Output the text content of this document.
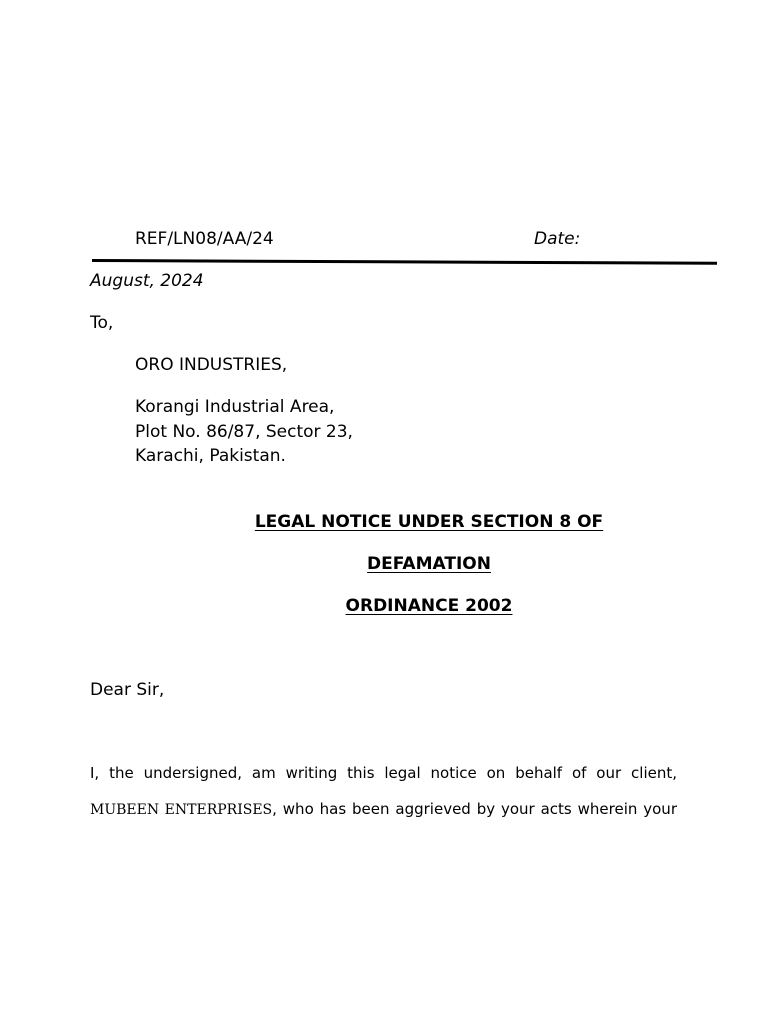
REF/LN08/AA/24	Date:
August, 2024
To,
ORO INDUSTRIES,
Korangi Industrial Area,
Plot No. 86/87, Sector 23,
Karachi, Pakistan.
LEGAL NOTICE UNDER SECTION 8 OF
DEFAMATION
ORDINANCE 2002
Dear Sir,
I, the undersigned, am writing this legal notice on behalf of our client,
MUBEEN ENTERPRISES, who has been aggrieved by your acts wherein your
